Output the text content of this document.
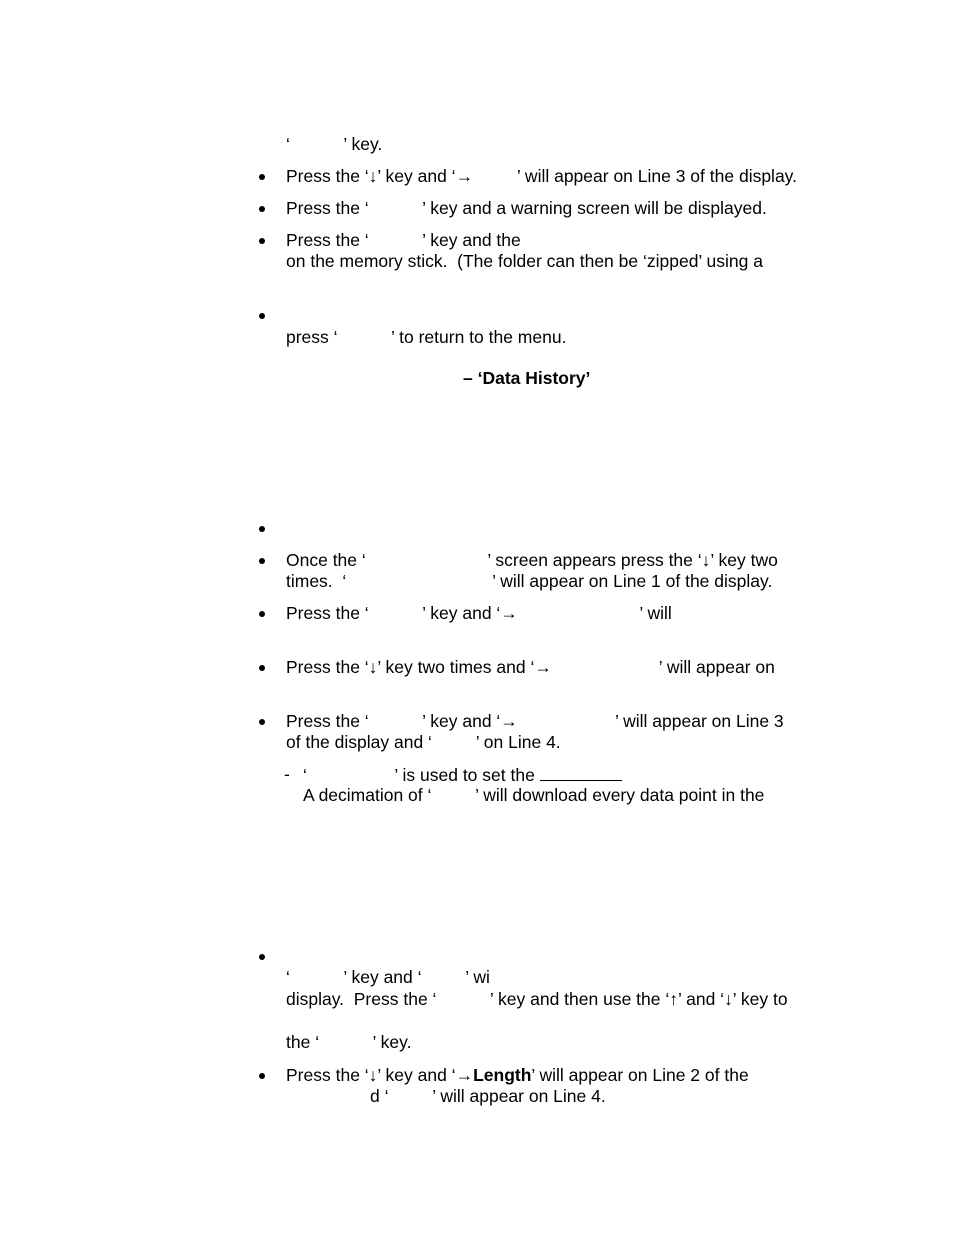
‘           ’ key.
Press the ‘↓’ key and ‘→         ’ will appear on Line 3 of the display.
Press the ‘           ’ key and a warning screen will be displayed.
Press the ‘           ’ key and the
on the memory stick.  (The folder can then be ‘zipped’ using a
press ‘           ’ to return to the menu.
– ‘Data History’
Once the ‘                         ’ screen appears press the ‘↓’ key two
times.  ‘                              ’ will appear on Line 1 of the display.
Press the ‘           ’ key and ‘→                         ’ will
Press the ‘↓’ key two times and ‘→                      ’ will appear on
Press the ‘           ’ key and ‘→                    ’ will appear on Line 3
of the display and ‘         ’ on Line 4.
- ‘                  ’ is used to set the
A decimation of ‘         ’ will download every data point in the
‘           ’ key and ‘         ’ wi
display.  Press the ‘           ’ key and then use the ‘↑’ and ‘↓’ key to
the ‘           ’ key.
Press the ‘↓’ key and ‘→Length’ will appear on Line 2 of the
d ‘         ’ will appear on Line 4.
